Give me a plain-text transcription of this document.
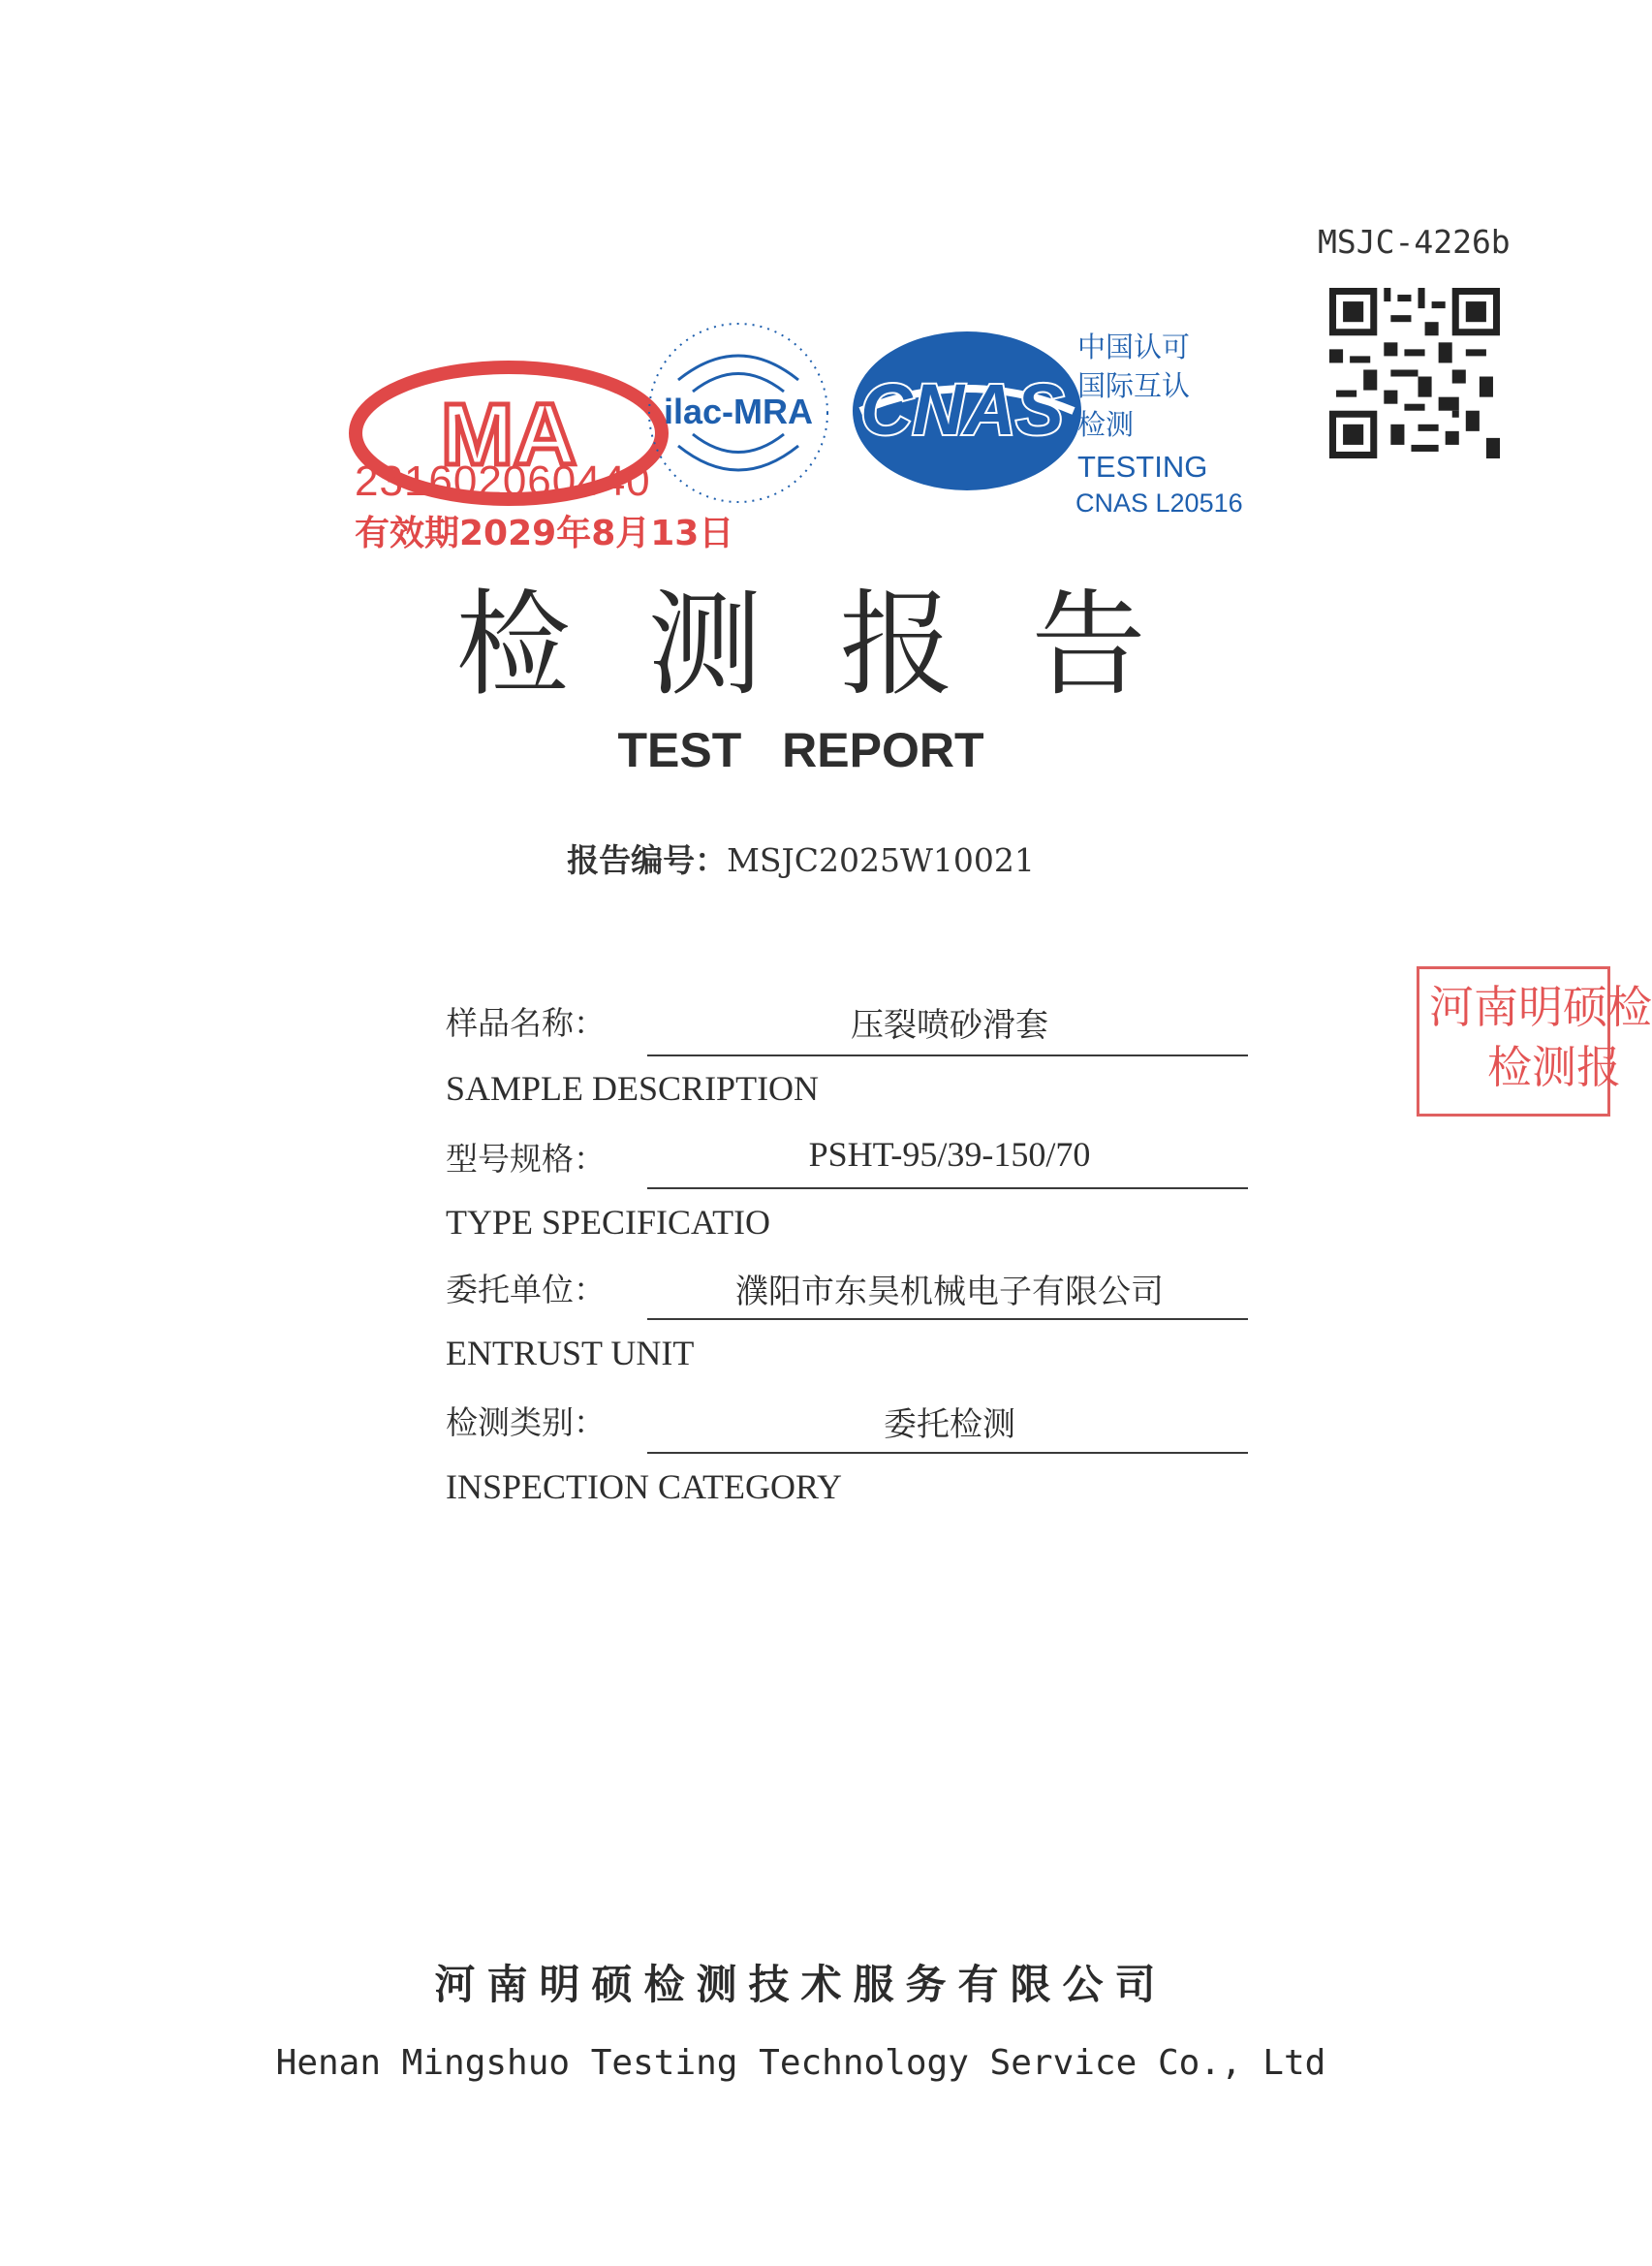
MSJC-4226b
MA
231602060440
有效期2029年8月13日
ilac-MRA CNAS
中国认可
国际互认
检测
TESTING
CNAS L20516
检测报告
TEST REPORT
报告编号：MSJC2025W10021
样品名称：	压裂喷砂滑套
SAMPLE DESCRIPTION
型号规格：	PSHT-95/39-150/70
TYPE SPECIFICATIO
委托单位：	濮阳市东昊机械电子有限公司
ENTRUST UNIT
检测类别：	委托检测
INSPECTION CATEGORY
河南明硕检
检测报
河南明硕检测技术服务有限公司
Henan Mingshuo Testing Technology Service Co., Ltd
